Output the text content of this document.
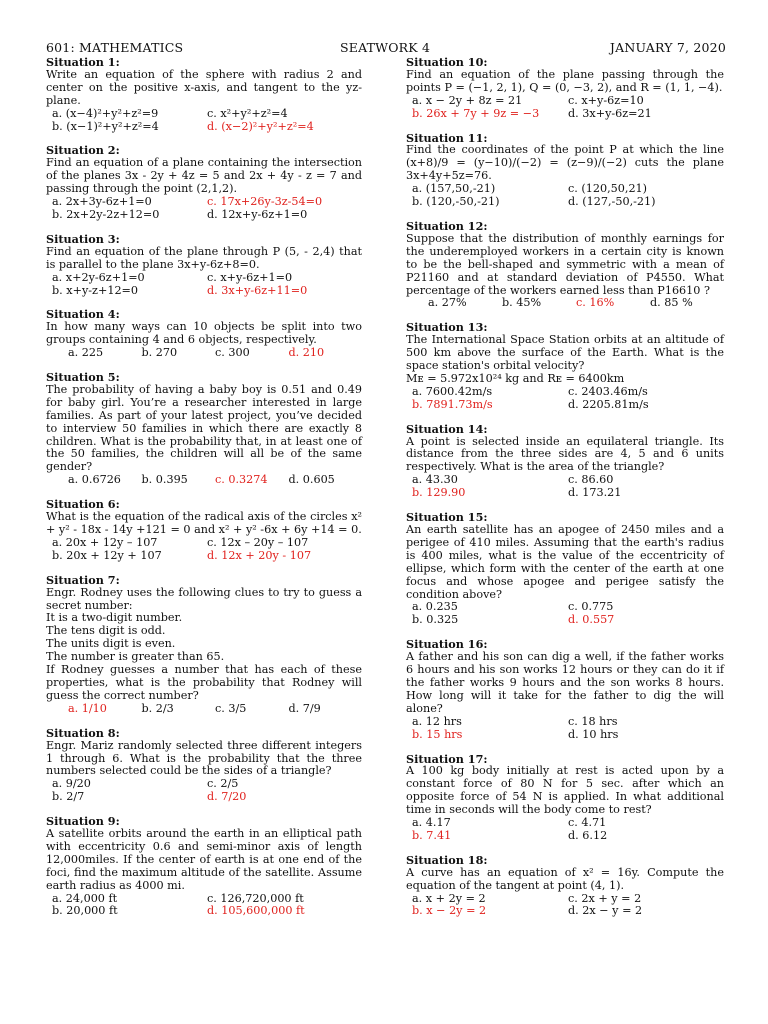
601: MATHEMATICS	SEATWORK 4	JANUARY 7, 2020
Situation 1:
Write an equation of the sphere with radius 2 and center on the positive x-axis, and tangent to the yz-plane.
a. (x−4)²+y²+z²=9	c. x²+y²+z²=4
b. (x−1)²+y²+z²=4	d. (x−2)²+y²+z²=4
Situation 2:
Find an equation of a plane containing the intersection of the planes 3x - 2y + 4z = 5 and 2x + 4y - z = 7 and passing through the point (2,1,2).
a. 2x+3y-6z+1=0	c. 17x+26y-3z-54=0
b. 2x+2y-2z+12=0	d. 12x+y-6z+1=0
Situation 3:
Find an equation of the plane through P (5, - 2,4) that is parallel to the plane 3x+y-6z+8=0.
a. x+2y-6z+1=0	c. x+y-6z+1=0
b. x+y-z+12=0	d. 3x+y-6z+11=0
Situation 4:
In how many ways can 10 objects be split into two groups containing 4 and 6 objects, respectively.
a. 225	b. 270	c. 300	d. 210
Situation 5:
The probability of having a baby boy is 0.51 and 0.49 for baby girl. You’re a researcher interested in large families. As part of your latest project, you’ve decided to interview 50 families in which there are exactly 8 children. What is the probability that, in at least one of the 50 families, the children will all be of the same gender?
a. 0.6726	b. 0.395	c. 0.3274	d. 0.605
Situation 6:
What is the equation of the radical axis of the circles x² + y² - 18x - 14y +121 = 0 and x² + y² -6x + 6y +14 = 0.
a. 20x + 12y – 107	c. 12x – 20y – 107
b. 20x + 12y + 107	d. 12x + 20y - 107
Situation 7:
Engr. Rodney uses the following clues to try to guess a secret number:
It is a two-digit number.
The tens digit is odd.
The units digit is even.
The number is greater than 65.
If Rodney guesses a number that has each of these properties, what is the probability that Rodney will guess the correct number?
a. 1/10	b. 2/3	c. 3/5	d. 7/9
Situation 8:
Engr. Mariz randomly selected three different integers 1 through 6. What is the probability that the three numbers selected could be the sides of a triangle?
a. 9/20	c. 2/5
b. 2/7	d. 7/20
Situation 9:
A satellite orbits around the earth in an elliptical path with eccentricity 0.6 and semi-minor axis of length 12,000miles. If the center of earth is at one end of the foci, find the maximum altitude of the satellite. Assume earth radius as 4000 mi.
a. 24,000 ft	c. 126,720,000 ft
b. 20,000 ft	d. 105,600,000 ft
Situation 10:
Find an equation of the plane passing through the points P = (−1, 2, 1), Q = (0, −3, 2), and R = (1, 1, −4).
a. x − 2y + 8z = 21	c. x+y-6z=10
b. 26x + 7y + 9z = −3	d. 3x+y-6z=21
Situation 11:
Find the coordinates of the point P at which the line (x+8)/9 = (y−10)/(−2) = (z−9)/(−2) cuts the plane 3x+4y+5z=76.
a. (157,50,-21)	c. (120,50,21)
b. (120,-50,-21)	d. (127,-50,-21)
Situation 12:
Suppose that the distribution of monthly earnings for the underemployed workers in a certain city is known to be the bell-shaped and symmetric with a mean of P21160 and at standard deviation of P4550. What percentage of the workers earned less than P16610 ?
a. 27%	b. 45%	c. 16%	d. 85 %
Situation 13:
The International Space Station orbits at an altitude of 500 km above the surface of the Earth. What is the space station's orbital velocity?
Mᴇ = 5.972x10²⁴ kg and Rᴇ = 6400km
a. 7600.42m/s	c. 2403.46m/s
b. 7891.73m/s	d. 2205.81m/s
Situation 14:
A point is selected inside an equilateral triangle. Its distance from the three sides are 4, 5 and 6 units respectively. What is the area of the triangle?
a. 43.30	c. 86.60
b. 129.90	d. 173.21
Situation 15:
An earth satellite has an apogee of 2450 miles and a perigee of 410 miles. Assuming that the earth's radius is 400 miles, what is the value of the eccentricity of ellipse, which form with the center of the earth at one focus and whose apogee and perigee satisfy the condition above?
a. 0.235	c. 0.775
b. 0.325	d. 0.557
Situation 16:
A father and his son can dig a well, if the father works 6 hours and his son works 12 hours or they can do it if the father works 9 hours and the son works 8 hours. How long will it take for the father to dig the will alone?
a. 12 hrs	c. 18 hrs
b. 15 hrs	d. 10 hrs
Situation 17:
A 100 kg body initially at rest is acted upon by a constant force of 80 N for 5 sec. after which an opposite force of 54 N is applied. In what additional time in seconds will the body come to rest?
a. 4.17	c. 4.71
b. 7.41	d. 6.12
Situation 18:
A curve has an equation of x² = 16y. Compute the equation of the tangent at point (4, 1).
a. x + 2y = 2	c. 2x + y = 2
b. x − 2y = 2	d. 2x − y = 2
